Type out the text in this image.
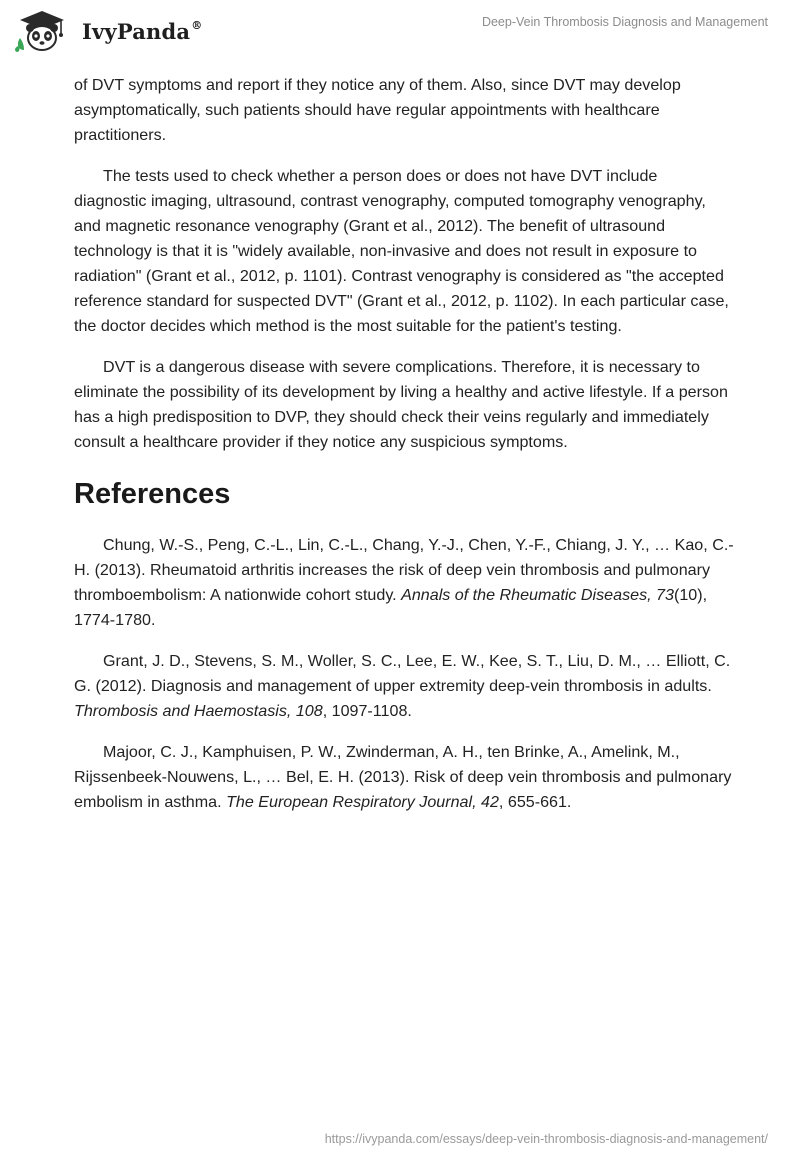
IvyPanda®	Deep-Vein Thrombosis Diagnosis and Management

of DVT symptoms and report if they notice any of them. Also, since DVT may develop asymptomatically, such patients should have regular appointments with healthcare practitioners.

The tests used to check whether a person does or does not have DVT include diagnostic imaging, ultrasound, contrast venography, computed tomography venography, and magnetic resonance venography (Grant et al., 2012). The benefit of ultrasound technology is that it is "widely available, non-invasive and does not result in exposure to radiation" (Grant et al., 2012, p. 1101). Contrast venography is considered as "the accepted reference standard for suspected DVT" (Grant et al., 2012, p. 1102). In each particular case, the doctor decides which method is the most suitable for the patient's testing.

DVT is a dangerous disease with severe complications. Therefore, it is necessary to eliminate the possibility of its development by living a healthy and active lifestyle. If a person has a high predisposition to DVP, they should check their veins regularly and immediately consult a healthcare provider if they notice any suspicious symptoms.

References

Chung, W.-S., Peng, C.-L., Lin, C.-L., Chang, Y.-J., Chen, Y.-F., Chiang, J. Y., … Kao, C.-H. (2013). Rheumatoid arthritis increases the risk of deep vein thrombosis and pulmonary thromboembolism: A nationwide cohort study. Annals of the Rheumatic Diseases, 73(10), 1774-1780.

Grant, J. D., Stevens, S. M., Woller, S. C., Lee, E. W., Kee, S. T., Liu, D. M., … Elliott, C. G. (2012). Diagnosis and management of upper extremity deep-vein thrombosis in adults. Thrombosis and Haemostasis, 108, 1097-1108.

Majoor, C. J., Kamphuisen, P. W., Zwinderman, A. H., ten Brinke, A., Amelink, M., Rijssenbeek-Nouwens, L., … Bel, E. H. (2013). Risk of deep vein thrombosis and pulmonary embolism in asthma. The European Respiratory Journal, 42, 655-661.

https://ivypanda.com/essays/deep-vein-thrombosis-diagnosis-and-management/
